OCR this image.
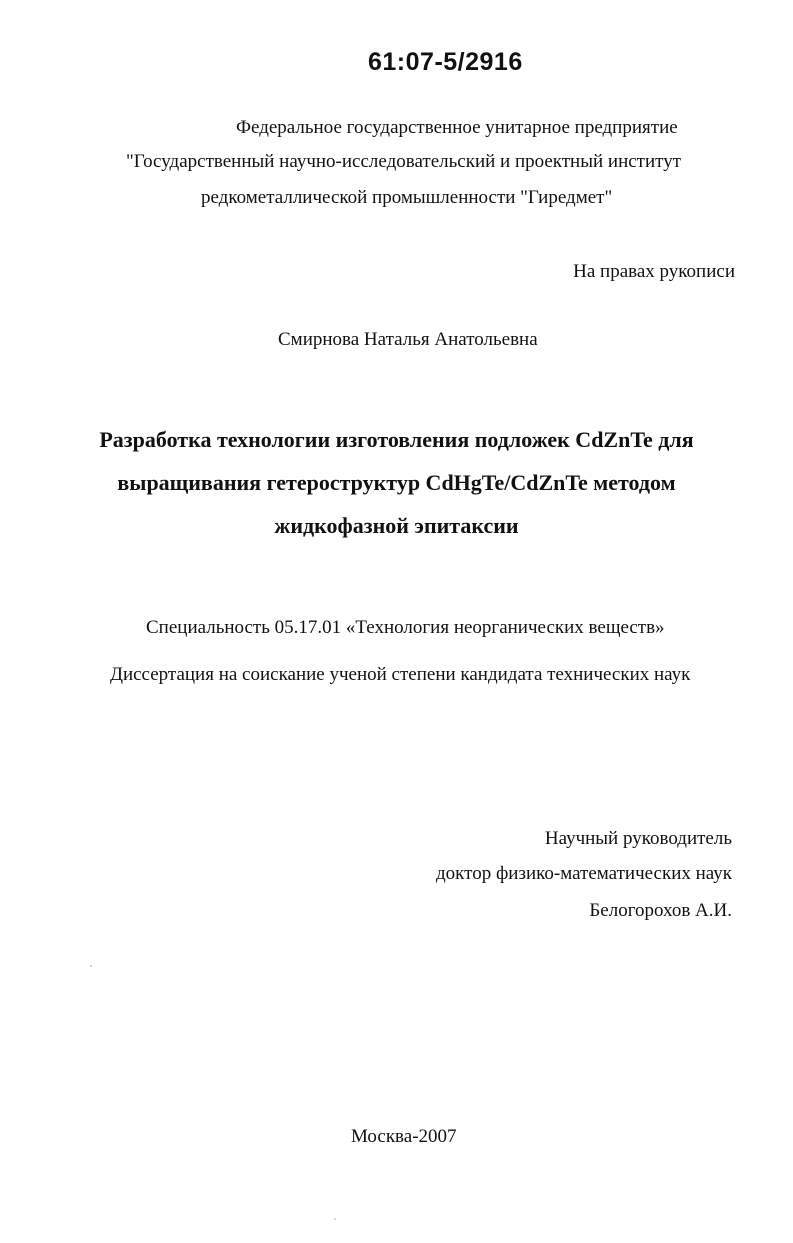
61:07-5/2916
Федеральное государственное унитарное предприятие
"Государственный научно-исследовательский и проектный институт
редкометаллической промышленности "Гиредмет"
На правах рукописи
Смирнова Наталья Анатольевна
Разработка технологии изготовления подложек CdZnTe для
выращивания гетероструктур CdHgTe/CdZnTe методом
жидкофазной эпитаксии
Специальность 05.17.01 «Технология неорганических веществ»
Диссертация на соискание ученой степени кандидата технических наук
Научный руководитель
доктор физико-математических наук
Белогорохов А.И.
Москва-2007
